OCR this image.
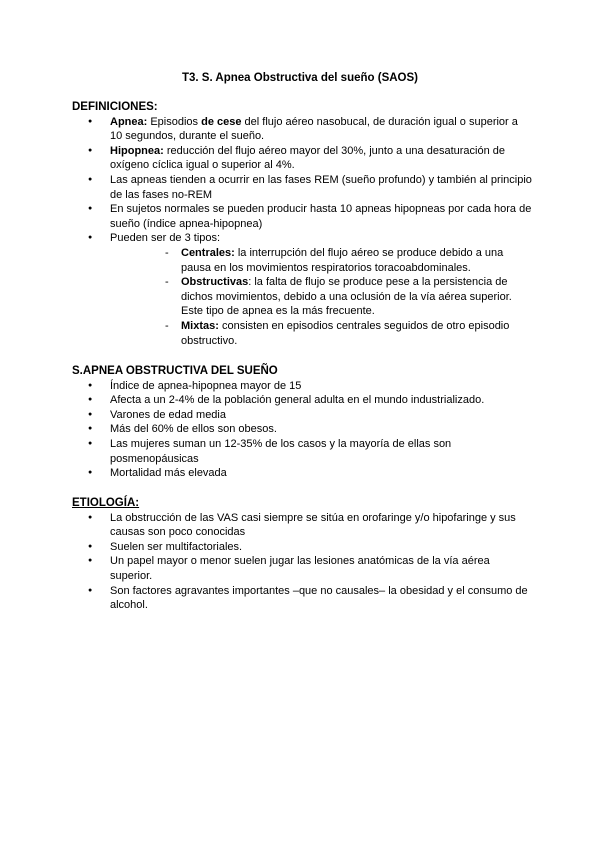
T3. S. Apnea Obstructiva del sueño (SAOS)

DEFINICIONES:

● Apnea: Episodios de cese del flujo aéreo nasobucal, de duración igual o superior a 10 segundos, durante el sueño.
● Hipopnea: reducción del flujo aéreo mayor del 30%, junto a una desaturación de oxígeno cíclica igual o superior al 4%.
● Las apneas tienden a ocurrir en las fases REM (sueño profundo) y también al principio de las fases no-REM
● En sujetos normales se pueden producir hasta 10 apneas hipopneas por cada hora de sueño (índice apnea-hipopnea)
● Pueden ser de 3 tipos:
- Centrales: la interrupción del flujo aéreo se produce debido a una pausa en los movimientos respiratorios toracoabdominales.
- Obstructivas: la falta de flujo se produce pese a la persistencia de dichos movimientos, debido a una oclusión de la vía aérea superior. Este tipo de apnea es la más frecuente.
- Mixtas: consisten en episodios centrales seguidos de otro episodio obstructivo.

S.APNEA OBSTRUCTIVA DEL SUEÑO

● Índice de apnea-hipopnea mayor de 15
● Afecta a un 2-4% de la población general adulta en el mundo industrializado.
● Varones de edad media
● Más del 60% de ellos son obesos.
● Las mujeres suman un 12-35% de los casos y la mayoría de ellas son posmenopáusicas
● Mortalidad más elevada

ETIOLOGÍA:

● La obstrucción de las VAS casi siempre se sitúa en orofaringe y/o hipofaringe y sus causas son poco conocidas
● Suelen ser multifactoriales.
● Un papel mayor o menor suelen jugar las lesiones anatómicas de la vía aérea superior.
● Son factores agravantes importantes –que no causales– la obesidad y el consumo de alcohol.
